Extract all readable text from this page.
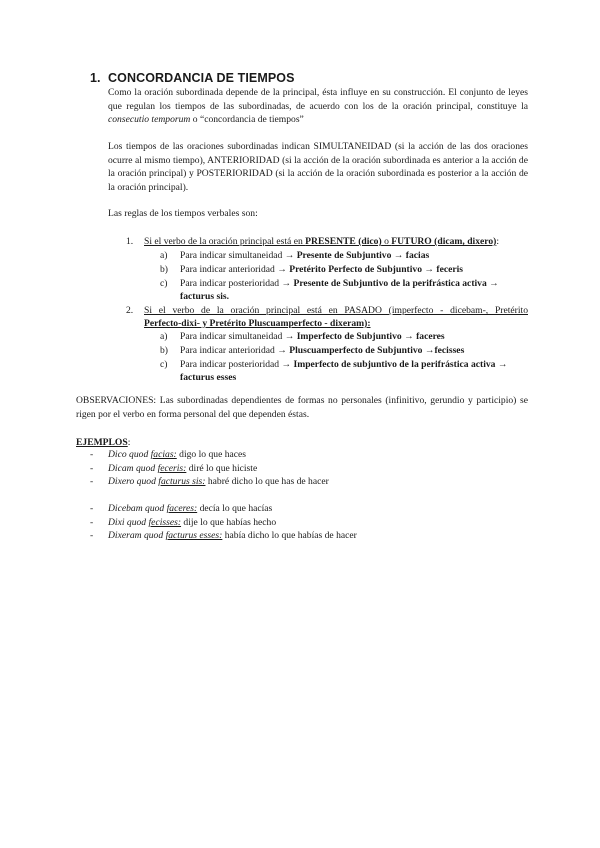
1. CONCORDANCIA DE TIEMPOS
Como la oración subordinada depende de la principal, ésta influye en su construcción. El conjunto de leyes que regulan los tiempos de las subordinadas, de acuerdo con los de la oración principal, constituye la consecutio temporum o “concordancia de tiempos”
Los tiempos de las oraciones subordinadas indican SIMULTANEIDAD (si la acción de las dos oraciones ocurre al mismo tiempo), ANTERIORIDAD (si la acción de la oración subordinada es anterior a la acción de la oración principal) y POSTERIORIDAD (si la acción de la oración subordinada es posterior a la acción de la oración principal).
Las reglas de los tiempos verbales son:
1. Si el verbo de la oración principal está en PRESENTE (dico) o FUTURO (dicam, dixero):
a) Para indicar simultaneidad → Presente de Subjuntivo → facias
b) Para indicar anterioridad → Pretérito Perfecto de Subjuntivo → feceris
c) Para indicar posterioridad → Presente de Subjuntivo de la perifrástica activa →
facturus sis.
2. Si el verbo de la oración principal está en PASADO (imperfecto - dicebam-, Pretérito
Perfecto-dixi- y Pretérito Pluscuamperfecto - dixeram):
a) Para indicar simultaneidad → Imperfecto de Subjuntivo → faceres
b) Para indicar anterioridad → Pluscuamperfecto de Subjuntivo →fecisses
c) Para indicar posterioridad → Imperfecto de subjuntivo de la perifrástica activa →
facturus esses
OBSERVACIONES: Las subordinadas dependientes de formas no personales (infinitivo, gerundio y participio) se rigen por el verbo en forma personal del que dependen éstas.
EJEMPLOS:
- Dico quod facias: digo lo que haces
- Dicam quod feceris: diré lo que hiciste
- Dixero quod facturus sis: habré dicho lo que has de hacer
- Dicebam quod faceres: decía lo que hacías
- Dixi quod fecisses: dije lo que habías hecho
- Dixeram quod facturus esses: había dicho lo que habías de hacer
